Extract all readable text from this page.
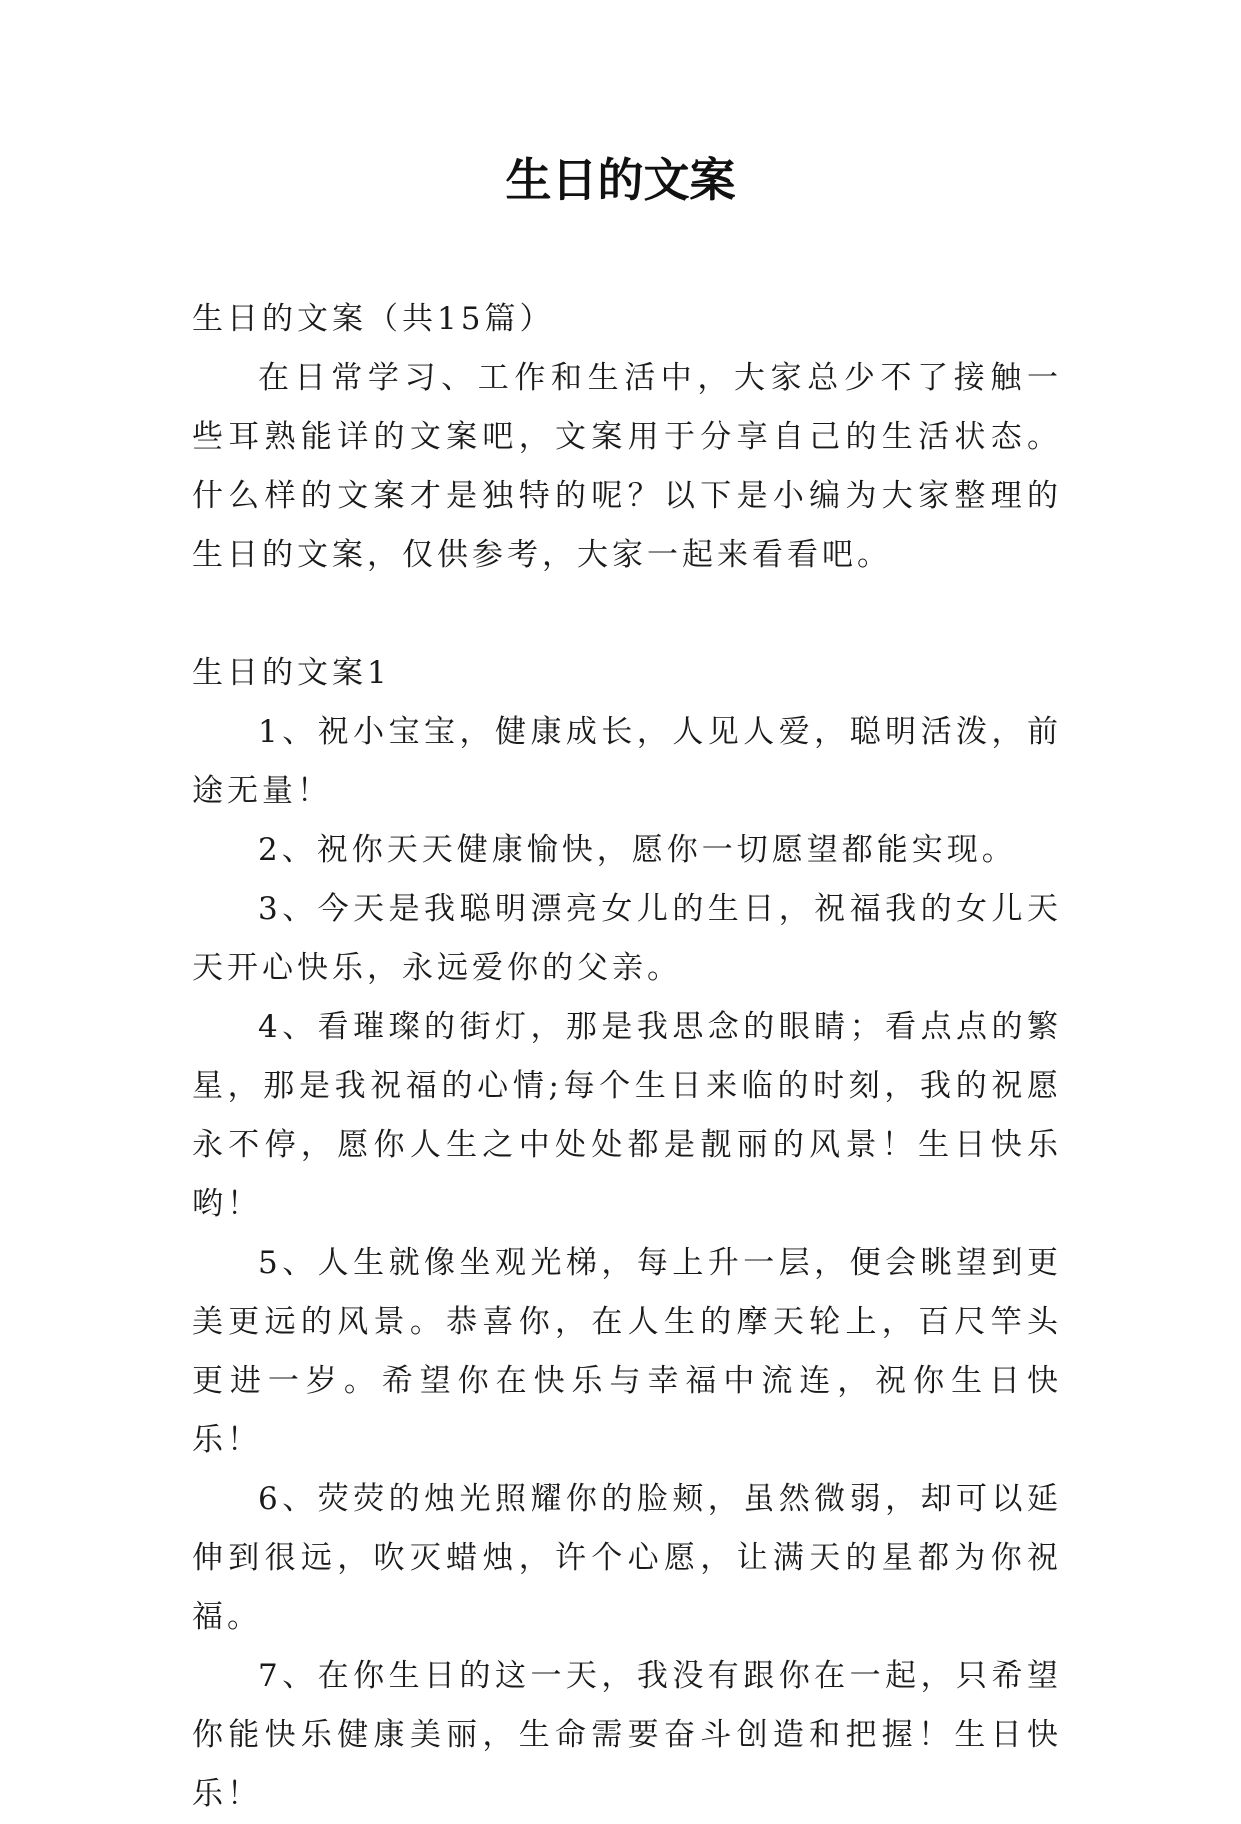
生日的文案

生日的文案（共15篇）

在日常学习、工作和生活中，大家总少不了接触一些耳熟能详的文案吧，文案用于分享自己的生活状态。什么样的文案才是独特的呢？以下是小编为大家整理的生日的文案，仅供参考，大家一起来看看吧。

生日的文案1

1、祝小宝宝，健康成长，人见人爱，聪明活泼，前途无量！

2、祝你天天健康愉快，愿你一切愿望都能实现。

3、今天是我聪明漂亮女儿的生日，祝福我的女儿天天开心快乐，永远爱你的父亲。

4、看璀璨的街灯，那是我思念的眼睛；看点点的繁星，那是我祝福的心情;每个生日来临的时刻，我的祝愿永不停，愿你人生之中处处都是靓丽的风景！生日快乐哟！

5、人生就像坐观光梯，每上升一层，便会眺望到更美更远的风景。恭喜你，在人生的摩天轮上，百尺竿头更进一岁。希望你在快乐与幸福中流连，祝你生日快乐！

6、荧荧的烛光照耀你的脸颊，虽然微弱，却可以延伸到很远，吹灭蜡烛，许个心愿，让满天的星都为你祝福。

7、在你生日的这一天，我没有跟你在一起，只希望你能快乐健康美丽，生命需要奋斗创造和把握！生日快乐！
